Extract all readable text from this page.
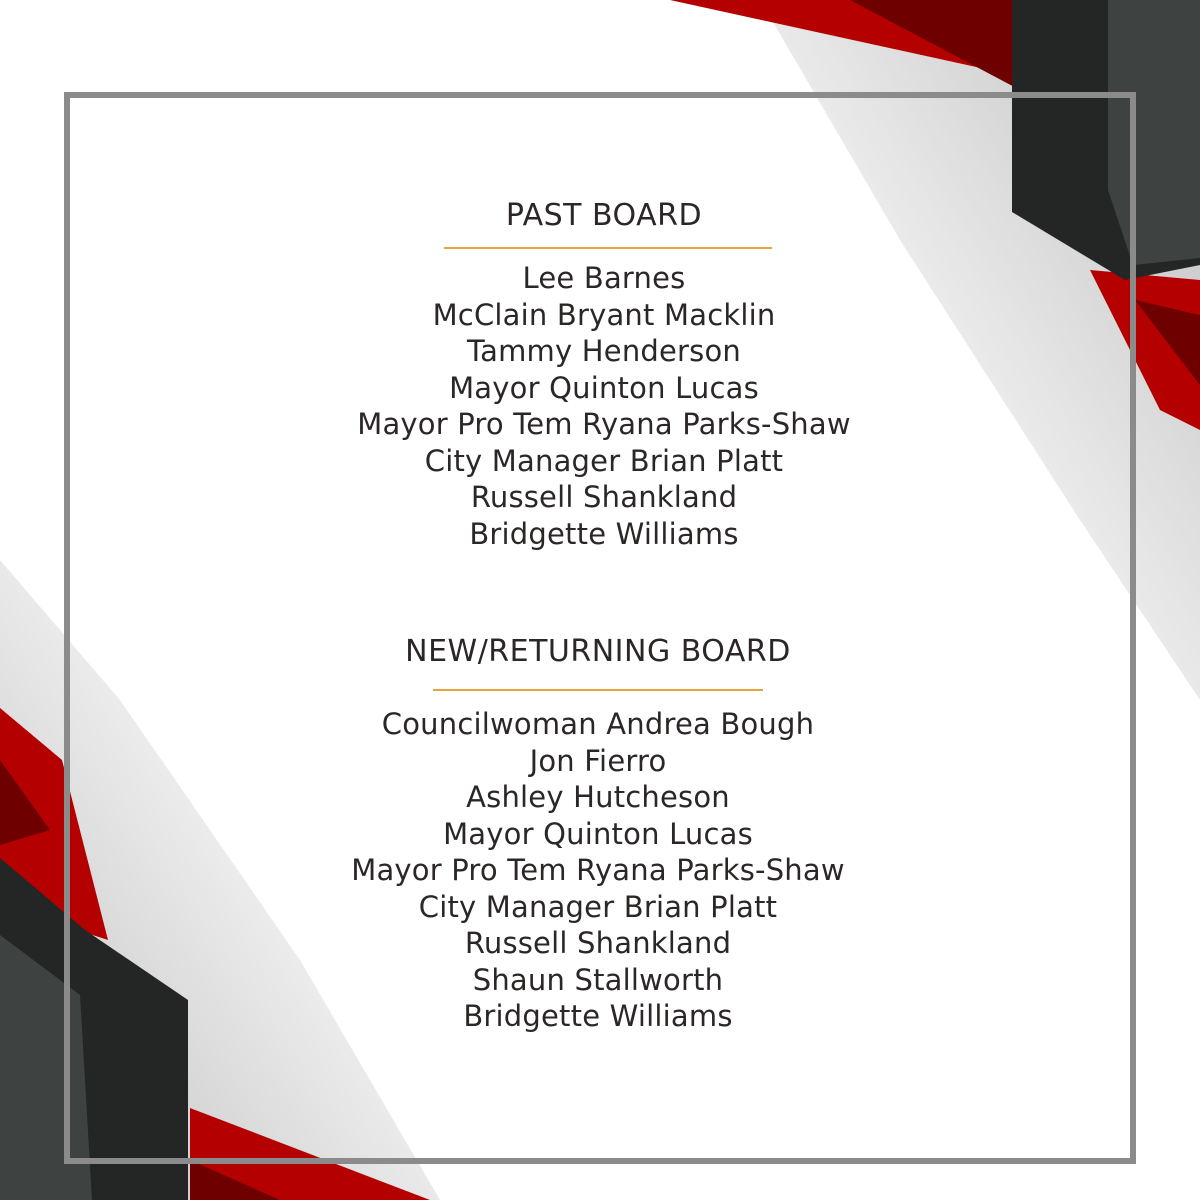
PAST BOARD
Lee Barnes
McClain Bryant Macklin
Tammy Henderson
Mayor Quinton Lucas
Mayor Pro Tem Ryana Parks-Shaw
City Manager Brian Platt
Russell Shankland
Bridgette Williams
NEW/RETURNING BOARD
Councilwoman Andrea Bough
Jon Fierro
Ashley Hutcheson
Mayor Quinton Lucas
Mayor Pro Tem Ryana Parks-Shaw
City Manager Brian Platt
Russell Shankland
Shaun Stallworth
Bridgette Williams
